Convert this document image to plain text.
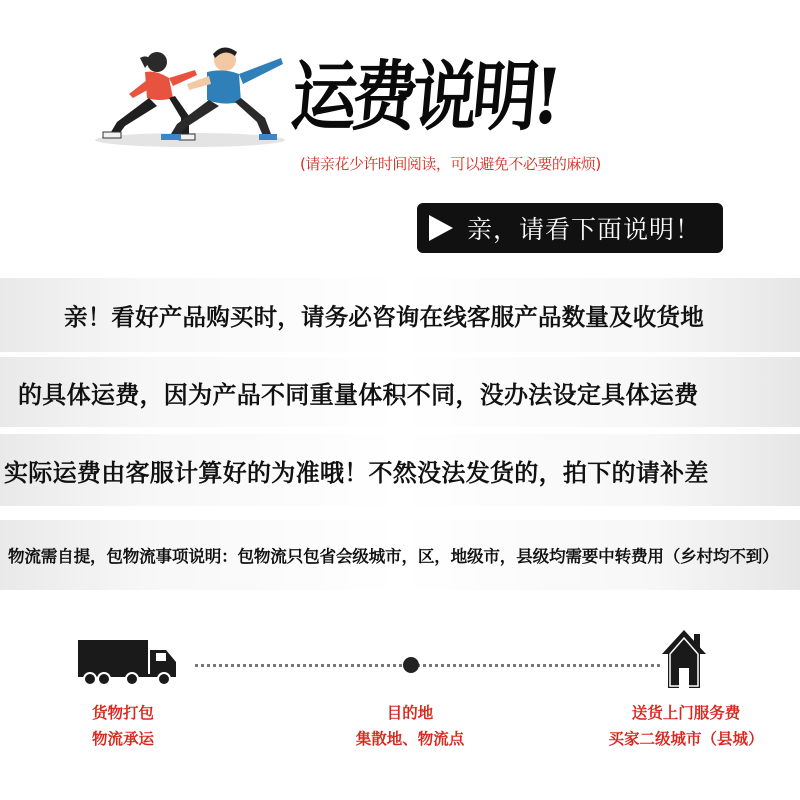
运费说明!
(请亲花少许时间阅读，可以避免不必要的麻烦)
亲，请看下面说明！
亲！看好产品购买时，请务必咨询在线客服产品数量及收货地
的具体运费，因为产品不同重量体积不同，没办法设定具体运费
实际运费由客服计算好的为准哦！不然没法发货的，拍下的请补差
物流需自提，包物流事项说明：包物流只包省会级城市，区，地级市，县级均需要中转费用（乡村均不到）
货物打包
物流承运
目的地
集散地、物流点
送货上门服务费
买家二级城市（县城）
